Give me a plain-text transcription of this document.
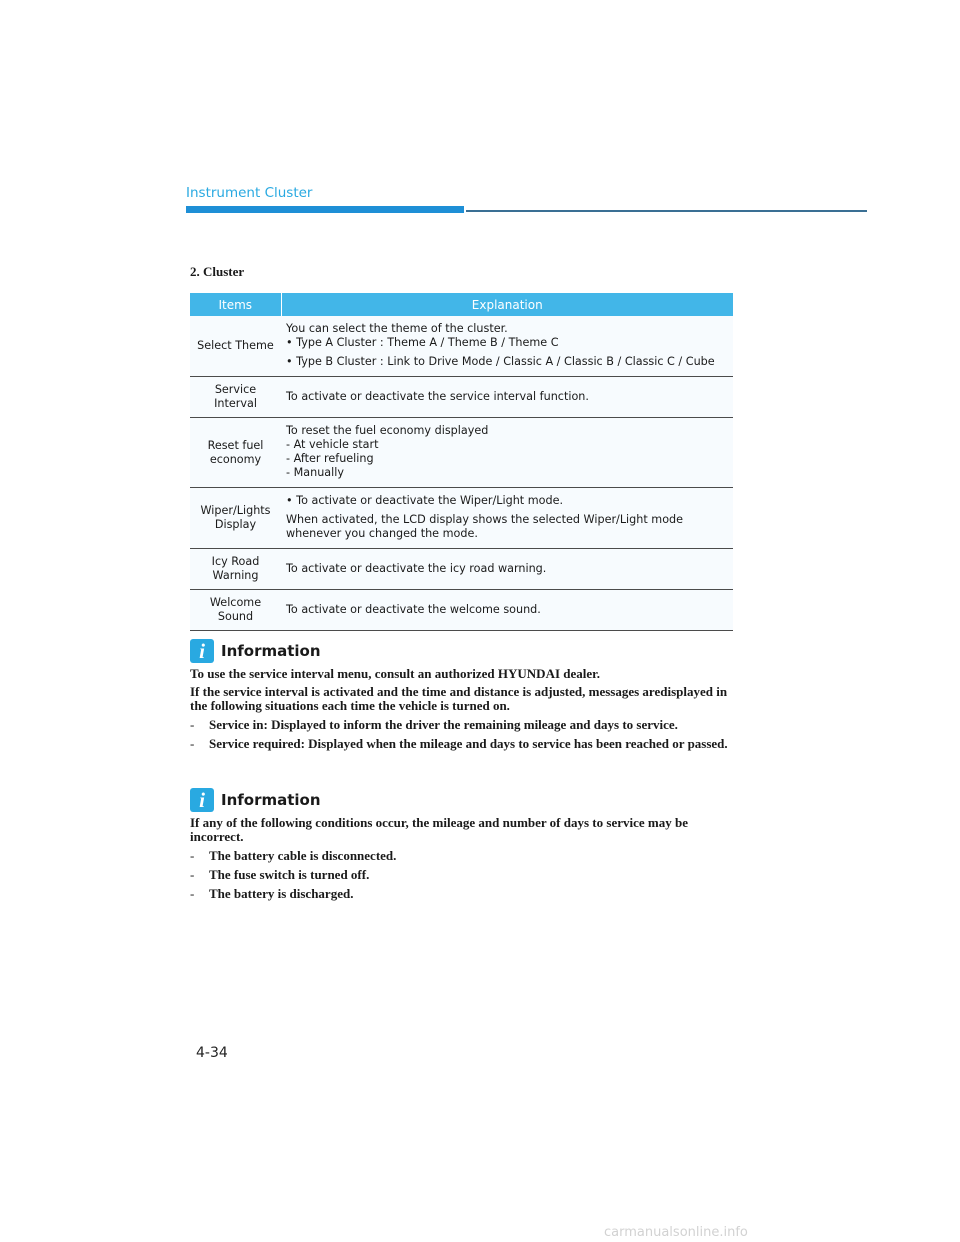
Instrument Cluster
2. Cluster
Items	Explanation
Select Theme	You can select the theme of the cluster.
• Type A Cluster : Theme A / Theme B / Theme C
• Type B Cluster : Link to Drive Mode / Classic A / Classic B / Classic C / Cube

Service Interval	To activate or deactivate the service interval function.

Reset fuel economy	To reset the fuel economy displayed
- At vehicle start
- After refueling
- Manually

Wiper/Lights Display	• To activate or deactivate the Wiper/Light mode.
When activated, the LCD display shows the selected Wiper/Light mode whenever you changed the mode.

Icy Road Warning	To activate or deactivate the icy road warning.

Welcome Sound	To activate or deactivate the welcome sound.
i	Information
To use the service interval menu, consult an authorized HYUNDAI dealer.
If the service interval is activated and the time and distance is adjusted, messages aredisplayed in the following situations each time the vehicle is turned on.
- Service in: Displayed to inform the driver the remaining mileage and days to service.
- Service required: Displayed when the mileage and days to service has been reached or passed.
i	Information
If any of the following conditions occur, the mileage and number of days to service may be incorrect.
- The battery cable is disconnected.
- The fuse switch is turned off.
- The battery is discharged.
4-34
carmanualsonline.info
